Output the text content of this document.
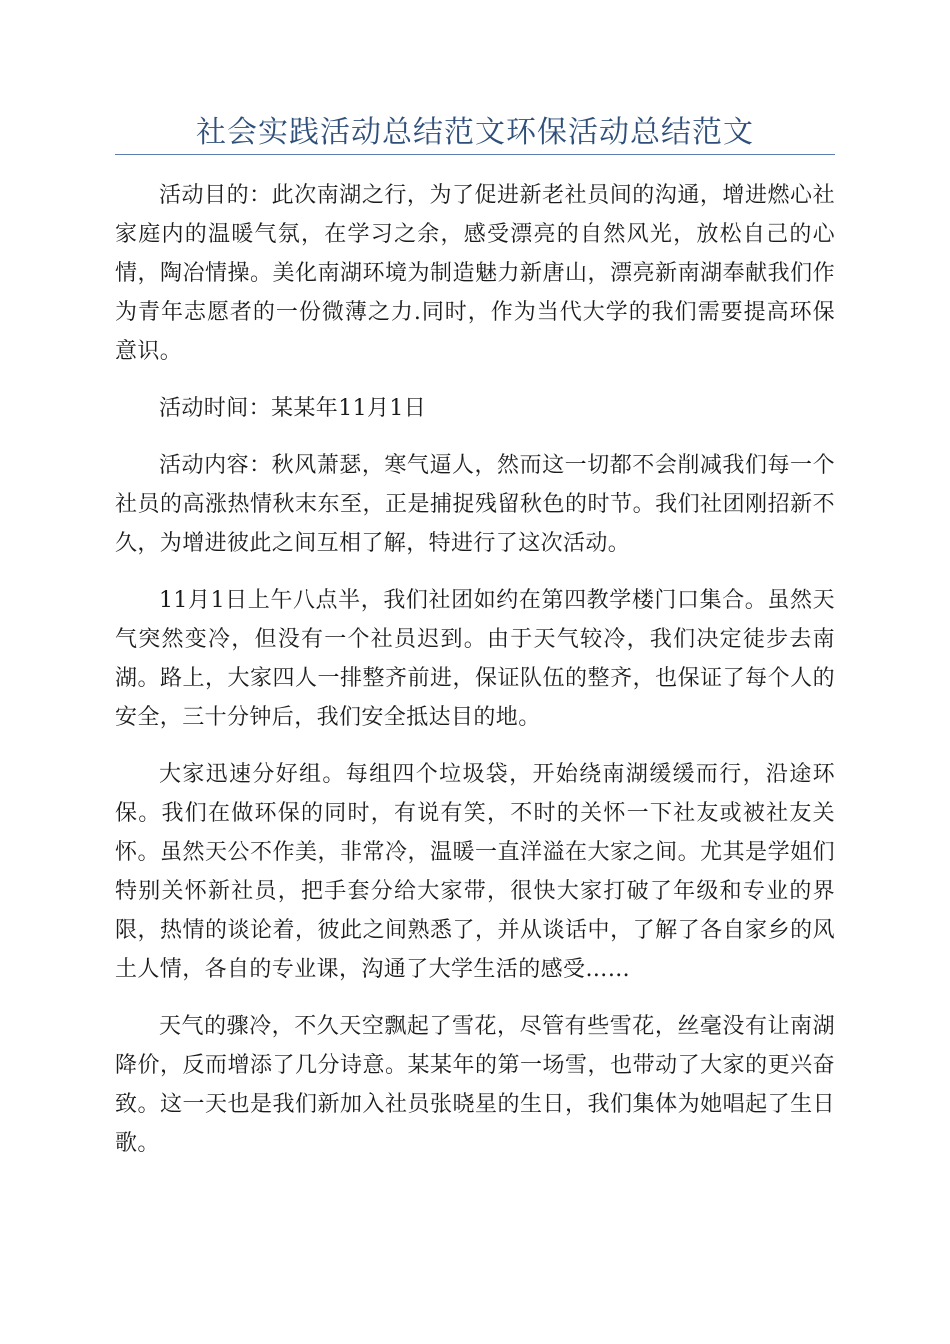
社会实践活动总结范文环保活动总结范文

活动目的：此次南湖之行，为了促进新老社员间的沟通，增进燃心社家庭内的温暖气氛，在学习之余，感受漂亮的自然风光，放松自己的心情，陶冶情操。美化南湖环境为制造魅力新唐山，漂亮新南湖奉献我们作为青年志愿者的一份微薄之力.同时，作为当代大学的我们需要提高环保意识。

活动时间：某某年11月1日

活动内容：秋风萧瑟，寒气逼人，然而这一切都不会削减我们每一个社员的高涨热情秋末东至，正是捕捉残留秋色的时节。我们社团刚招新不久，为增进彼此之间互相了解，特进行了这次活动。

11月1日上午八点半，我们社团如约在第四教学楼门口集合。虽然天气突然变冷，但没有一个社员迟到。由于天气较冷，我们决定徒步去南湖。路上，大家四人一排整齐前进，保证队伍的整齐，也保证了每个人的安全，三十分钟后，我们安全抵达目的地。

大家迅速分好组。每组四个垃圾袋，开始绕南湖缓缓而行，沿途环保。我们在做环保的同时，有说有笑，不时的关怀一下社友或被社友关怀。虽然天公不作美，非常冷，温暖一直洋溢在大家之间。尤其是学姐们特别关怀新社员，把手套分给大家带，很快大家打破了年级和专业的界限，热情的谈论着，彼此之间熟悉了，并从谈话中，了解了各自家乡的风土人情，各自的专业课，沟通了大学生活的感受……

天气的骤冷，不久天空飘起了雪花，尽管有些雪花，丝毫没有让南湖降价，反而增添了几分诗意。某某年的第一场雪，也带动了大家的更兴奋致。这一天也是我们新加入社员张晓星的生日，我们集体为她唱起了生日歌。
